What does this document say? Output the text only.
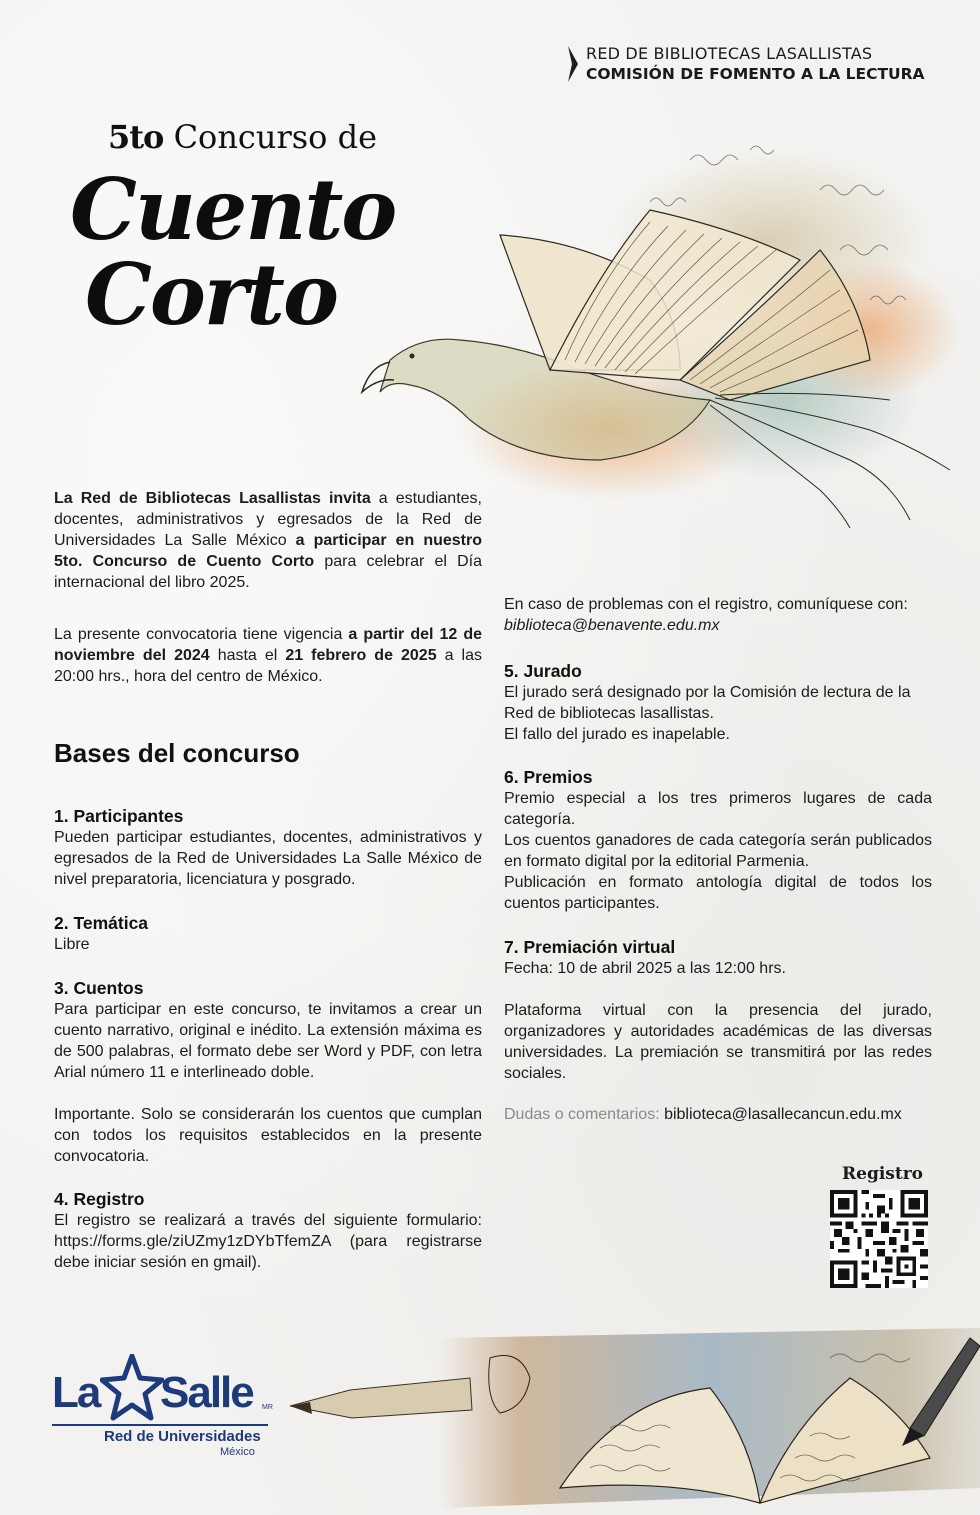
RED DE BIBLIOTECAS LASALLISTAS
COMISIÓN DE FOMENTO A LA LECTURA
5to Concurso de
Cuento
Corto
La Red de Bibliotecas Lasallistas invita a estudiantes, docentes, administrativos y egresados de la Red de Universidades La Salle México a participar en nuestro 5to. Concurso de Cuento Corto para celebrar el Día internacional del libro 2025.
La presente convocatoria tiene vigencia a partir del 12 de noviembre del 2024 hasta el 21 febrero de 2025 a las 20:00 hrs., hora del centro de México.
Bases del concurso
1. Participantes
Pueden participar estudiantes, docentes, administrativos y egresados de la Red de Universidades La Salle México de nivel preparatoria, licenciatura y posgrado.
2. Temática
Libre
3. Cuentos
Para participar en este concurso, te invitamos a crear un cuento narrativo, original e inédito. La extensión máxima es de 500 palabras, el formato debe ser Word y PDF, con letra Arial número 11 e interlineado doble.
Importante. Solo se considerarán los cuentos que cumplan con todos los requisitos establecidos en la presente convocatoria.
4. Registro
El registro se realizará a través del siguiente formulario: https://forms.gle/ziUZmy1zDYbTfemZA (para registrarse debe iniciar sesión en gmail).
En caso de problemas con el registro, comuníquese con:
biblioteca@benavente.edu.mx
5. Jurado
El jurado será designado por la Comisión de lectura de la Red de bibliotecas lasallistas.
El fallo del jurado es inapelable.
6. Premios
Premio especial a los tres primeros lugares de cada categoría.
Los cuentos ganadores de cada categoría serán publicados en formato digital por la editorial Parmenia.
Publicación en formato antología digital de todos los cuentos participantes.
7. Premiación virtual
Fecha: 10 de abril 2025 a las 12:00 hrs.
Plataforma virtual con la presencia del jurado, organizadores y autoridades académicas de las diversas universidades. La premiación se transmitirá por las redes sociales.
Dudas o comentarios: biblioteca@lasallecancun.edu.mx
Registro
La Salle MR
Red de Universidades
México
